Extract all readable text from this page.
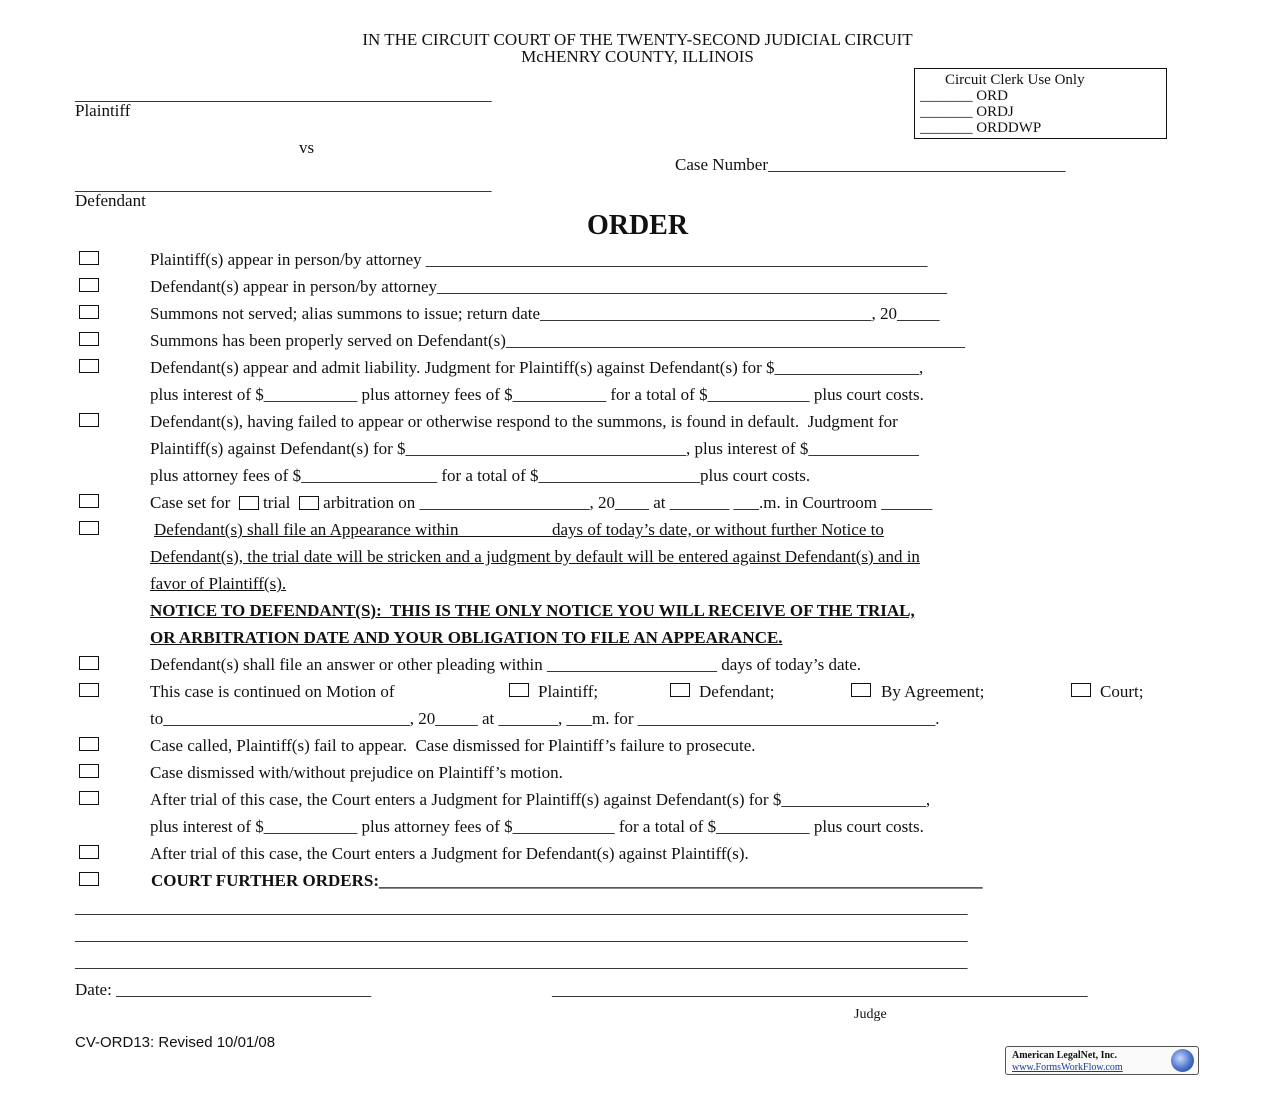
IN THE CIRCUIT COURT OF THE TWENTY-SECOND JUDICIAL CIRCUIT
McHENRY COUNTY, ILLINOIS
_________________________________________________
Plaintiff
vs
_________________________________________________
Defendant
Case Number___________________________________
Circuit Clerk Use Only
_______ ORD
_______ ORDJ
_______ ORDDWP
ORDER
Plaintiff(s) appear in person/by attorney ___________________________________________________________
Defendant(s) appear in person/by attorney____________________________________________________________
Summons not served; alias summons to issue; return date_______________________________________, 20_____
Summons has been properly served on Defendant(s)______________________________________________________
Defendant(s) appear and admit liability. Judgment for Plaintiff(s) against Defendant(s) for $_________________,
plus interest of $___________ plus attorney fees of $___________ for a total of $____________ plus court costs.
Defendant(s), having failed to appear or otherwise respond to the summons, is found in default.  Judgment for
Plaintiff(s) against Defendant(s) for $_________________________________, plus interest of $_____________
plus attorney fees of $________________ for a total of $___________________plus court costs.
Case set for trial arbitration on ____________________, 20____ at _______ ___.m. in Courtroom ______
Defendant(s) shall file an Appearance within __________ days of today’s date, or without further Notice to
Defendant(s), the trial date will be stricken and a judgment by default will be entered against Defendant(s) and in
favor of Plaintiff(s).
NOTICE TO DEFENDANT(S):  THIS IS THE ONLY NOTICE YOU WILL RECEIVE OF THE TRIAL,
OR ARBITRATION DATE AND YOUR OBLIGATION TO FILE AN APPEARANCE.
Defendant(s) shall file an answer or other pleading within ____________________ days of today’s date.
This case is continued on Motion of	Plaintiff;	Defendant;	By Agreement;	Court;
to_____________________________, 20_____ at _______, ___m. for ___________________________________.
Case called, Plaintiff(s) fail to appear.  Case dismissed for Plaintiff’s failure to prosecute.
Case dismissed with/without prejudice on Plaintiff’s motion.
After trial of this case, the Court enters a Judgment for Plaintiff(s) against Defendant(s) for $_________________,
plus interest of $___________ plus attorney fees of $____________ for a total of $___________ plus court costs.
After trial of this case, the Court enters a Judgment for Defendant(s) against Plaintiff(s).
COURT FURTHER ORDERS:_______________________________________________________________________
_________________________________________________________________________________________________________
_________________________________________________________________________________________________________
_________________________________________________________________________________________________________
Date: ______________________________	_______________________________________________________________
Judge
CV-ORD13: Revised 10/01/08
American LegalNet, Inc.
www.FormsWorkFlow.com
